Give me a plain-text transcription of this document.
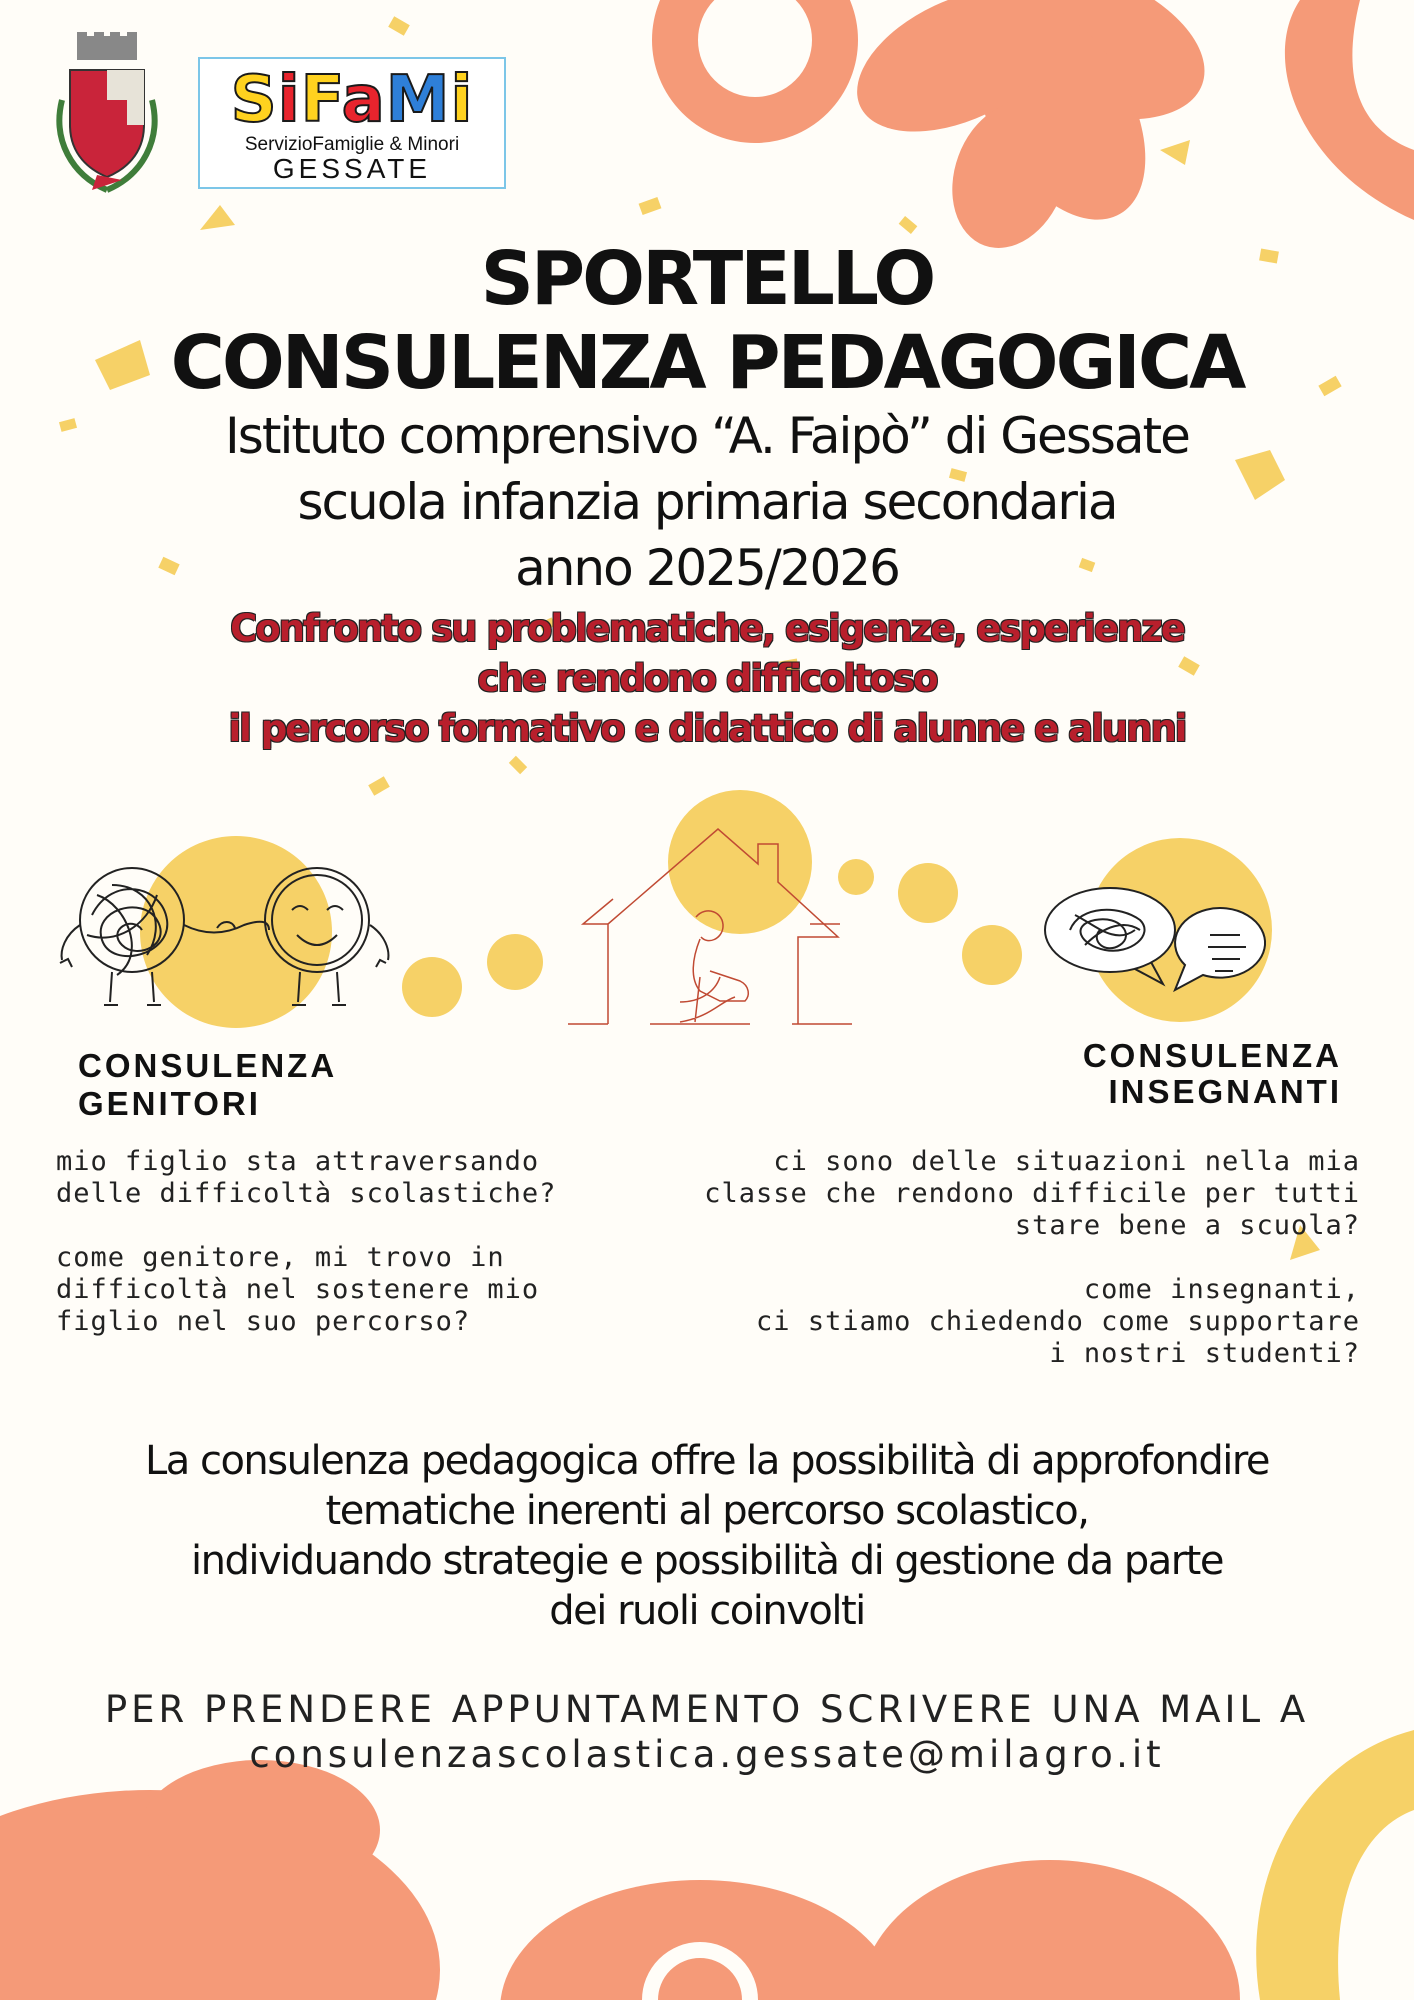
SiFaMi
ServizioFamiglie & Minori
GESSATE
SPORTELLO
CONSULENZA PEDAGOGICA
Istituto comprensivo “A. Faipò” di Gessate
scuola infanzia primaria secondaria
anno 2025/2026
Confronto su problematiche, esigenze, esperienze
che rendono difficoltoso
il percorso formativo e didattico di alunne e alunni
CONSULENZA
GENITORI
CONSULENZA
INSEGNANTI
mio figlio sta attraversando
delle difficoltà scolastiche?
come genitore, mi trovo in
difficoltà nel sostenere mio
figlio nel suo percorso?
ci sono delle situazioni nella mia
classe che rendono difficile per tutti
stare bene a scuola?
come insegnanti,
ci stiamo chiedendo come supportare
i nostri studenti?
La consulenza pedagogica offre la possibilità di approfondire
tematiche inerenti al percorso scolastico,
individuando strategie e possibilità di gestione da parte
dei ruoli coinvolti
PER PRENDERE APPUNTAMENTO SCRIVERE UNA MAIL A
consulenzascolastica.gessate@milagro.it
